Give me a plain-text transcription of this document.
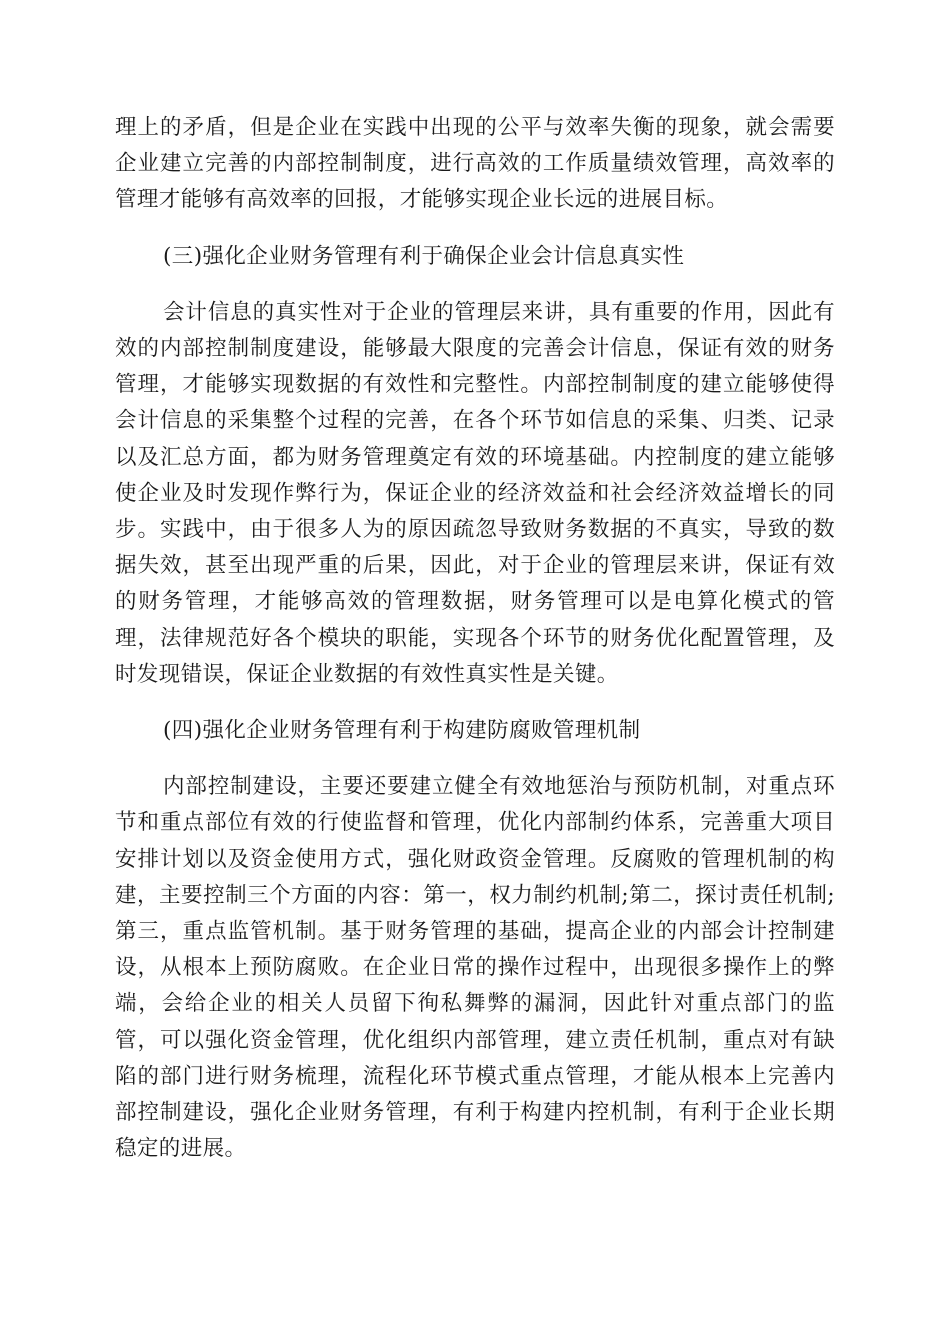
理上的矛盾，但是企业在实践中出现的公平与效率失衡的现象，就会需要企业建立完善的内部控制制度，进行高效的工作质量绩效管理，高效率的管理才能够有高效率的回报，才能够实现企业长远的进展目标。

(三)强化企业财务管理有利于确保企业会计信息真实性

会计信息的真实性对于企业的管理层来讲，具有重要的作用，因此有效的内部控制制度建设，能够最大限度的完善会计信息，保证有效的财务管理，才能够实现数据的有效性和完整性。内部控制制度的建立能够使得会计信息的采集整个过程的完善，在各个环节如信息的采集、归类、记录以及汇总方面，都为财务管理奠定有效的环境基础。内控制度的建立能够使企业及时发现作弊行为，保证企业的经济效益和社会经济效益增长的同步。实践中，由于很多人为的原因疏忽导致财务数据的不真实，导致的数据失效，甚至出现严重的后果，因此，对于企业的管理层来讲，保证有效的财务管理，才能够高效的管理数据，财务管理可以是电算化模式的管理，法律规范好各个模块的职能，实现各个环节的财务优化配置管理，及时发现错误，保证企业数据的有效性真实性是关键。

(四)强化企业财务管理有利于构建防腐败管理机制

内部控制建设，主要还要建立健全有效地惩治与预防机制，对重点环节和重点部位有效的行使监督和管理，优化内部制约体系，完善重大项目安排计划以及资金使用方式，强化财政资金管理。反腐败的管理机制的构建，主要控制三个方面的内容：第一，权力制约机制;第二，探讨责任机制;第三，重点监管机制。基于财务管理的基础，提高企业的内部会计控制建设，从根本上预防腐败。在企业日常的操作过程中，出现很多操作上的弊端，会给企业的相关人员留下徇私舞弊的漏洞，因此针对重点部门的监管，可以强化资金管理，优化组织内部管理，建立责任机制，重点对有缺陷的部门进行财务梳理，流程化环节模式重点管理，才能从根本上完善内部控制建设，强化企业财务管理，有利于构建内控机制，有利于企业长期稳定的进展。
